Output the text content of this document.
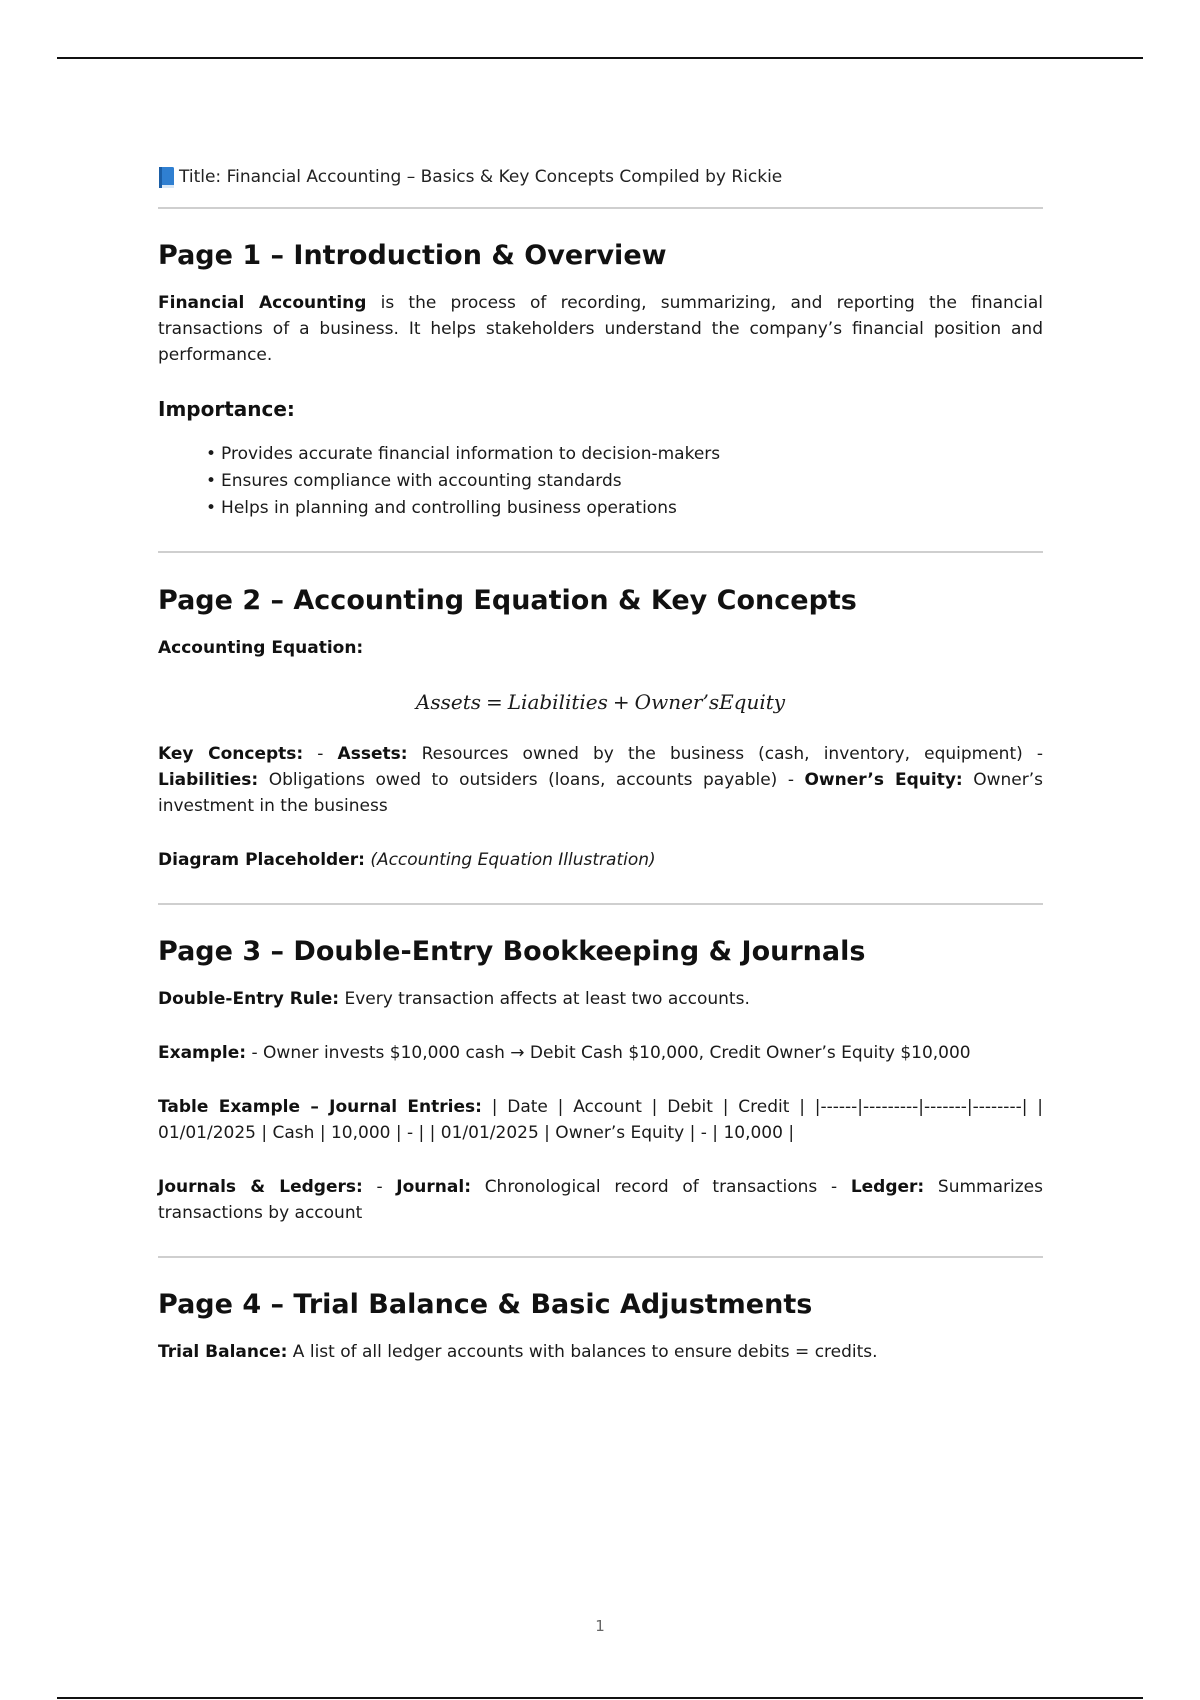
Title: Financial Accounting – Basics & Key Concepts Compiled by Rickie
Page 1 – Introduction & Overview

Financial Accounting is the process of recording, summarizing, and reporting the financial transactions of a business. It helps stakeholders understand the company’s financial position and performance.

Importance:
• Provides accurate financial information to decision-makers
• Ensures compliance with accounting standards
• Helps in planning and controlling business operations
Page 2 – Accounting Equation & Key Concepts

Accounting Equation:

Assets = Liabilities + Owner’sEquity

Key Concepts: - Assets: Resources owned by the business (cash, inventory, equipment) - Liabilities: Obligations owed to outsiders (loans, accounts payable) - Owner’s Equity: Owner’s investment in the business

Diagram Placeholder: (Accounting Equation Illustration)

Page 3 – Double-Entry Bookkeeping & Journals

Double-Entry Rule: Every transaction affects at least two accounts.

Example: - Owner invests $10,000 cash → Debit Cash $10,000, Credit Owner’s Equity $10,000

Table Example – Journal Entries: | Date | Account | Debit | Credit | |------|---------|-------|--------| | 01/01/2025 | Cash | 10,000 | - | | 01/01/2025 | Owner’s Equity | - | 10,000 |

Journals & Ledgers: - Journal: Chronological record of transactions - Ledger: Summarizes transactions by account

Page 4 – Trial Balance & Basic Adjustments

Trial Balance: A list of all ledger accounts with balances to ensure debits = credits.

1
